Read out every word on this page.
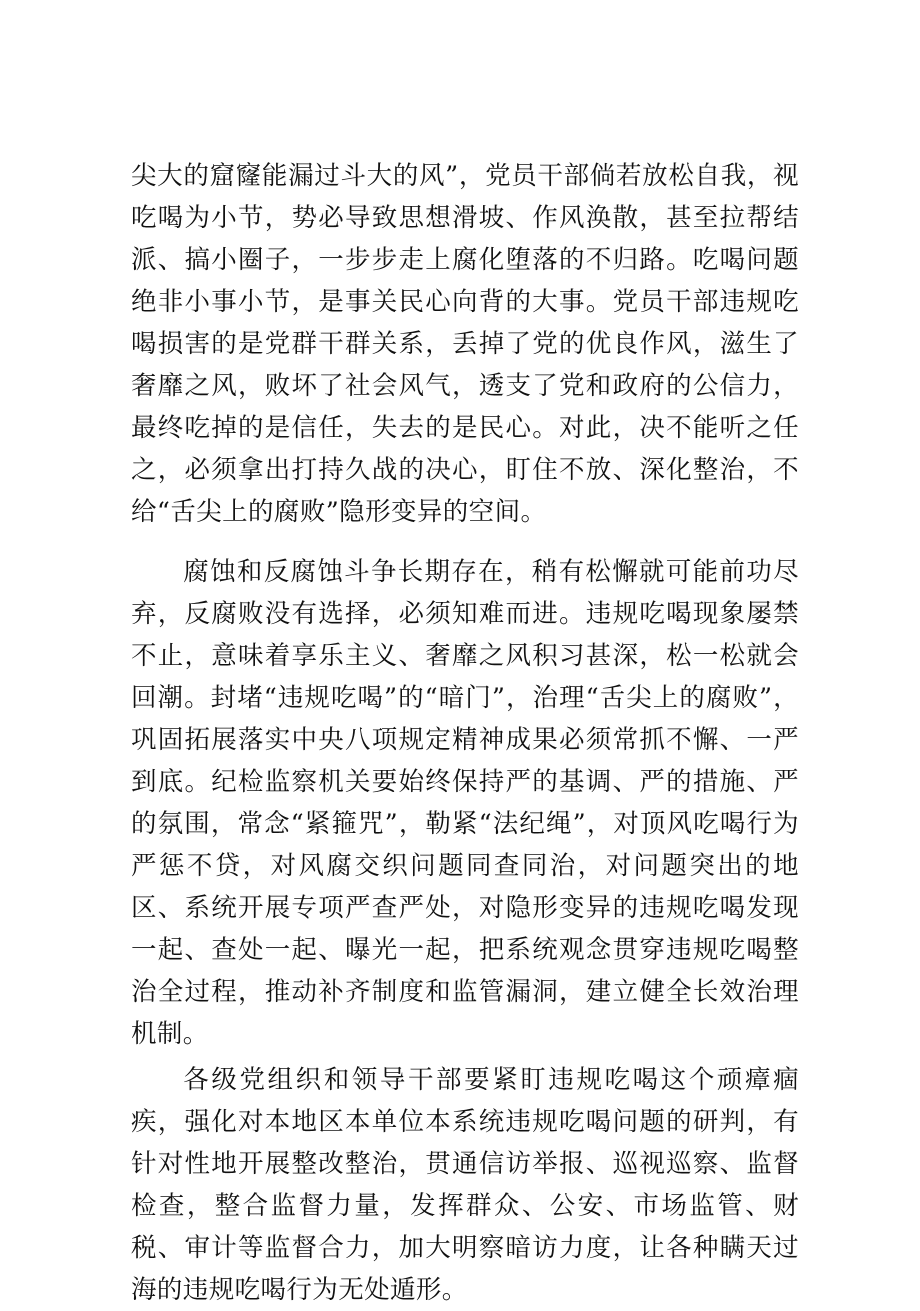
尖大的窟窿能漏过斗大的风”，党员干部倘若放松自我，视吃喝为小节，势必导致思想滑坡、作风涣散，甚至拉帮结派、搞小圈子，一步步走上腐化堕落的不归路。吃喝问题绝非小事小节，是事关民心向背的大事。党员干部违规吃喝损害的是党群干群关系，丢掉了党的优良作风，滋生了奢靡之风，败坏了社会风气，透支了党和政府的公信力，最终吃掉的是信任，失去的是民心。对此，决不能听之任之，必须拿出打持久战的决心，盯住不放、深化整治，不给“舌尖上的腐败”隐形变异的空间。

腐蚀和反腐蚀斗争长期存在，稍有松懈就可能前功尽弃，反腐败没有选择，必须知难而进。违规吃喝现象屡禁不止，意味着享乐主义、奢靡之风积习甚深，松一松就会回潮。封堵“违规吃喝”的“暗门”，治理“舌尖上的腐败”，巩固拓展落实中央八项规定精神成果必须常抓不懈、一严到底。纪检监察机关要始终保持严的基调、严的措施、严的氛围，常念“紧箍咒”，勒紧“法纪绳”，对顶风吃喝行为严惩不贷，对风腐交织问题同查同治，对问题突出的地区、系统开展专项严查严处，对隐形变异的违规吃喝发现一起、查处一起、曝光一起，把系统观念贯穿违规吃喝整治全过程，推动补齐制度和监管漏洞，建立健全长效治理机制。

各级党组织和领导干部要紧盯违规吃喝这个顽瘴痼疾，强化对本地区本单位本系统违规吃喝问题的研判，有针对性地开展整改整治，贯通信访举报、巡视巡察、监督检查，整合监督力量，发挥群众、公安、市场监管、财税、审计等监督合力，加大明察暗访力度，让各种瞒天过海的违规吃喝行为无处遁形。
